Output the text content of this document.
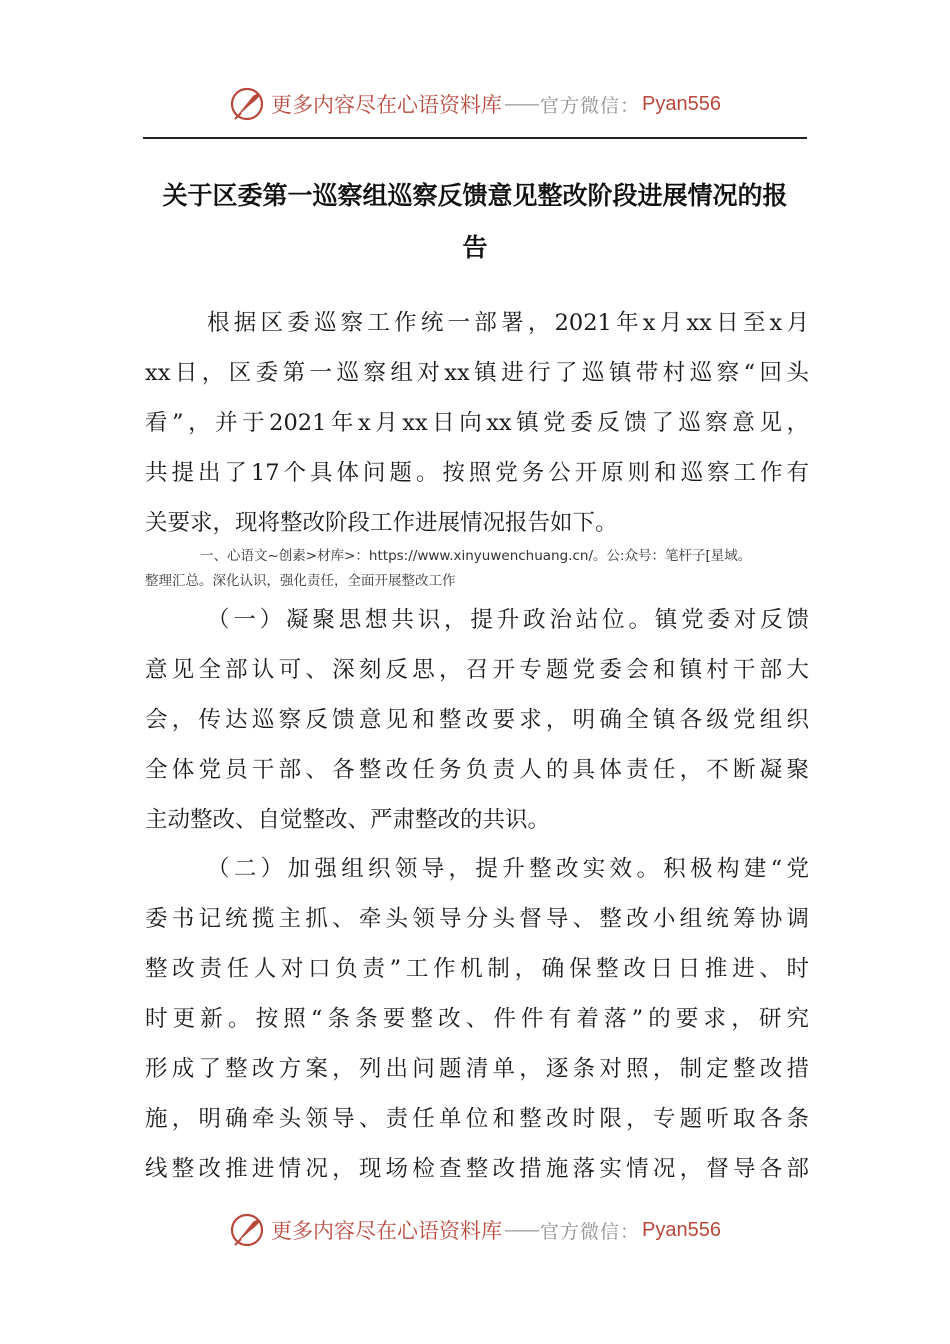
更多内容尽在心语资料库 —— 官方微信： Pyan556
关于区委第一巡察组巡察反馈意见整改阶段进展情况的报
告
根据区委巡察工作统一部署，2021年x月xx日至x月
xx日，区委第一巡察组对xx镇进行了巡镇带村巡察“回头
看”，并于2021年x月xx日向xx镇党委反馈了巡察意见，
共提出了17个具体问题。按照党务公开原则和巡察工作有
关要求，现将整改阶段工作进展情况报告如下。
一、心语文~创素>材库>：https://www.xinyuwenchuang.cn/。公:众号：笔杆子[星域。
整理汇总。深化认识，强化责任，全面开展整改工作
（一）凝聚思想共识，提升政治站位。镇党委对反馈
意见全部认可、深刻反思，召开专题党委会和镇村干部大
会，传达巡察反馈意见和整改要求，明确全镇各级党组织
全体党员干部、各整改任务负责人的具体责任，不断凝聚
主动整改、自觉整改、严肃整改的共识。
（二）加强组织领导，提升整改实效。积极构建“党
委书记统揽主抓、牵头领导分头督导、整改小组统筹协调
整改责任人对口负责”工作机制，确保整改日日推进、时
时更新。按照“条条要整改、件件有着落”的要求，研究
形成了整改方案，列出问题清单，逐条对照，制定整改措
施，明确牵头领导、责任单位和整改时限，专题听取各条
线整改推进情况，现场检查整改措施落实情况，督导各部
更多内容尽在心语资料库 —— 官方微信： Pyan556
